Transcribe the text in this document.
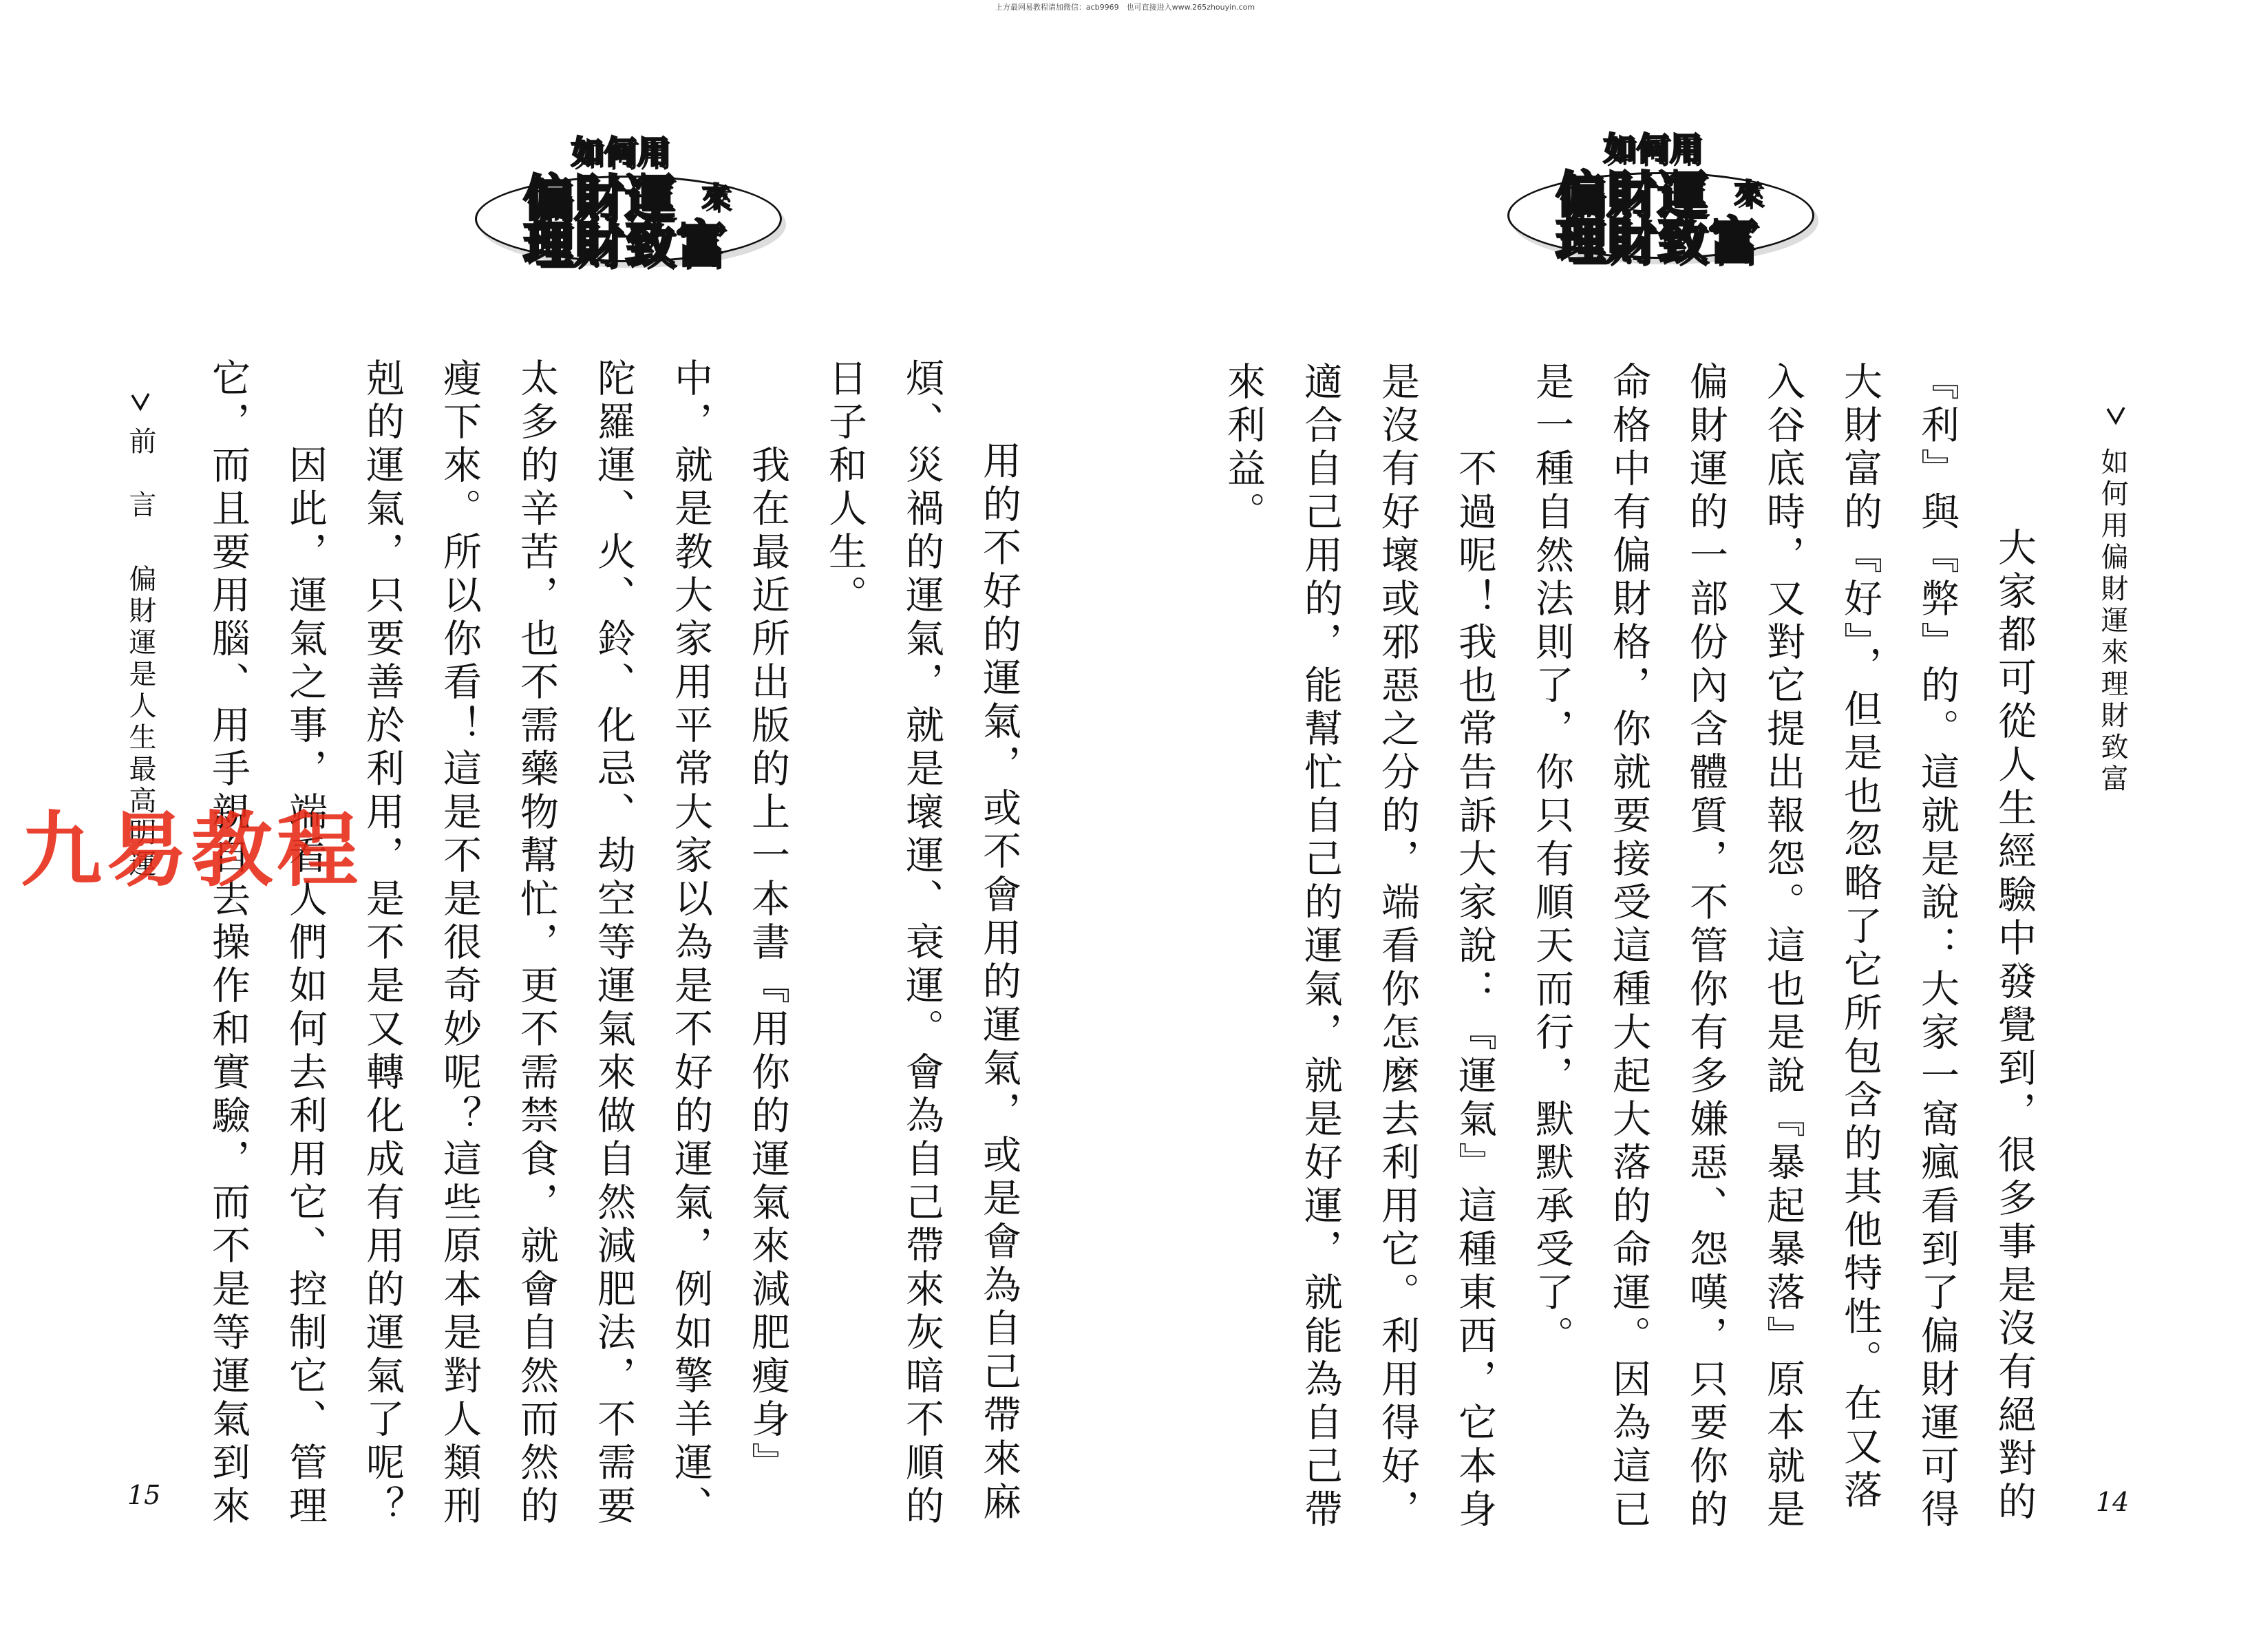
上方最网易教程请加微信：acb9969　也可直接进入www.265zhouyin.com
如何用
偏財運 來
理財致富
前　言
偏財運是人生最高明運	用的不好的運氣，或不會用的運氣，或是會為自己帶來麻
煩、災禍的運氣，就是壞運、衰運。會為自己帶來灰暗不順的
日子和人生。
　　我在最近所出版的上一本書『用你的運氣來減肥瘦身』
中，就是教大家用平常大家以為是不好的運氣，例如擎羊運、
陀羅運、火、鈴、化忌、劫空等運氣來做自然減肥法，不需要
太多的辛苦，也不需藥物幫忙，更不需禁食，就會自然而然的
瘦下來。所以你看！這是不是很奇妙呢？這些原本是對人類刑
剋的運氣，只要善於利用，是不是又轉化成有用的運氣了呢？
　　因此，運氣之事，端看人們如何去利用它、控制它、管理
它，而且要用腦、用手親自去操作和實驗，而不是等運氣到來
15
如何用
偏財運 來
理財致富
如何用偏財運來理財致富
　　大家都可從人生經驗中發覺到，很多事是沒有絕對的
『利』與『弊』的。這就是說：大家一窩瘋看到了偏財運可得
大財富的『好』，但是也忽略了它所包含的其他特性。在又落
入谷底時，又對它提出報怨。這也是說『暴起暴落』原本就是
偏財運的一部份內含體質，不管你有多嫌惡、怨嘆，只要你的
命格中有偏財格，你就要接受這種大起大落的命運。因為這已
是一種自然法則了，你只有順天而行，默默承受了。
　　不過呢！我也常告訴大家說：『運氣』這種東西，它本身
是沒有好壞或邪惡之分的，端看你怎麼去利用它。利用得好，
適合自己用的，能幫忙自己的運氣，就是好運，就能為自己帶
來利益。
14
九易教程
